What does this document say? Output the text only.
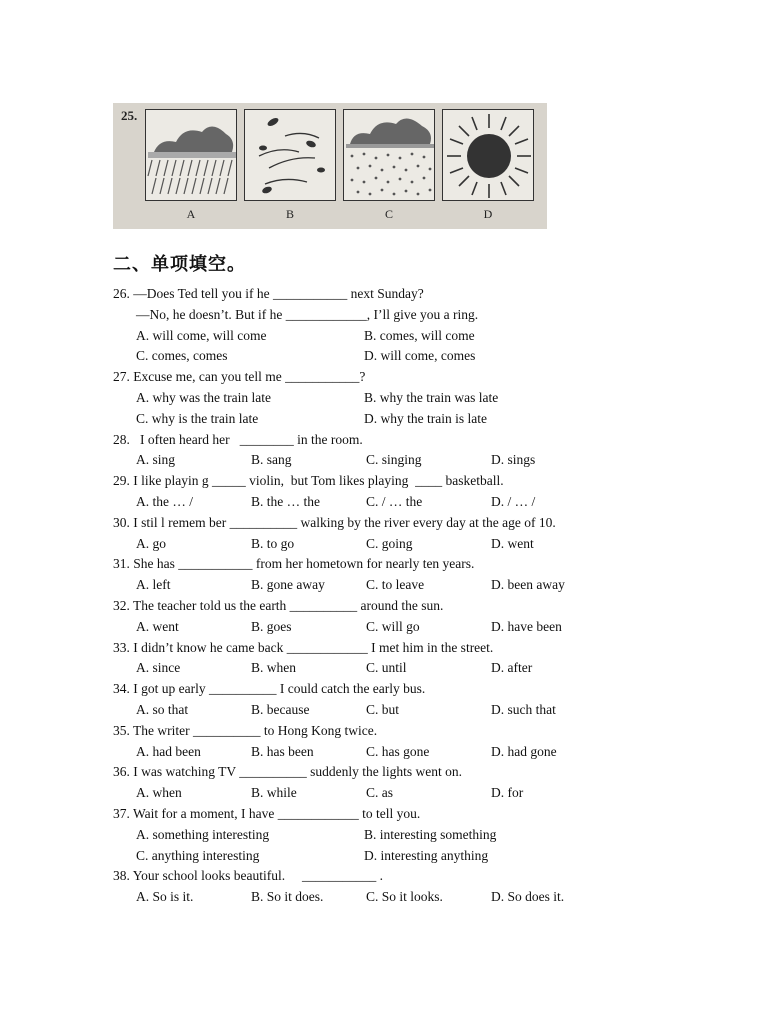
25.
A	B	C	D
二、单项填空。
26. —Does Ted tell you if he ___________ next Sunday?
—No, he doesn’t. But if he ____________, I’ll give you a ring.
A. will come, will come	B. comes, will come
C. comes, comes	D. will come, comes
27. Excuse me, can you tell me ___________?
A. why was the train late	B. why the train was late
C. why is the train late	D. why the train is late
28.   I often heard her   ________ in the room.
A. sing	B. sang	C. singing	D. sings
29. I like playin g _____ violin,  but Tom likes playing  ____ basketball.
A. the … /	B. the … the	C. / … the	D. / … /
30. I stil l remem ber __________ walking by the river every day at the age of 10.
A. go	B. to go	C. going	D. went
31. She has ___________ from her hometown for nearly ten years.
A. left	B. gone away	C. to leave	D. been away
32. The teacher told us the earth __________ around the sun.
A. went	B. goes	C. will go	D. have been
33. I didn’t know he came back ____________ I met him in the street.
A. since	B. when	C. until	D. after
34. I got up early __________ I could catch the early bus.
A. so that	B. because	C. but	D. such that
35. The writer __________ to Hong Kong twice.
A. had been	B. has been	C. has gone	D. had gone
36. I was watching TV __________ suddenly the lights went on.
A. when	B. while	C. as	D. for
37. Wait for a moment, I have ____________ to tell you.
A. something interesting	B. interesting something
C. anything interesting	D. interesting anything
38. Your school looks beautiful.     ___________ .
A. So is it.	B. So it does.	C. So it looks.	D. So does it.
